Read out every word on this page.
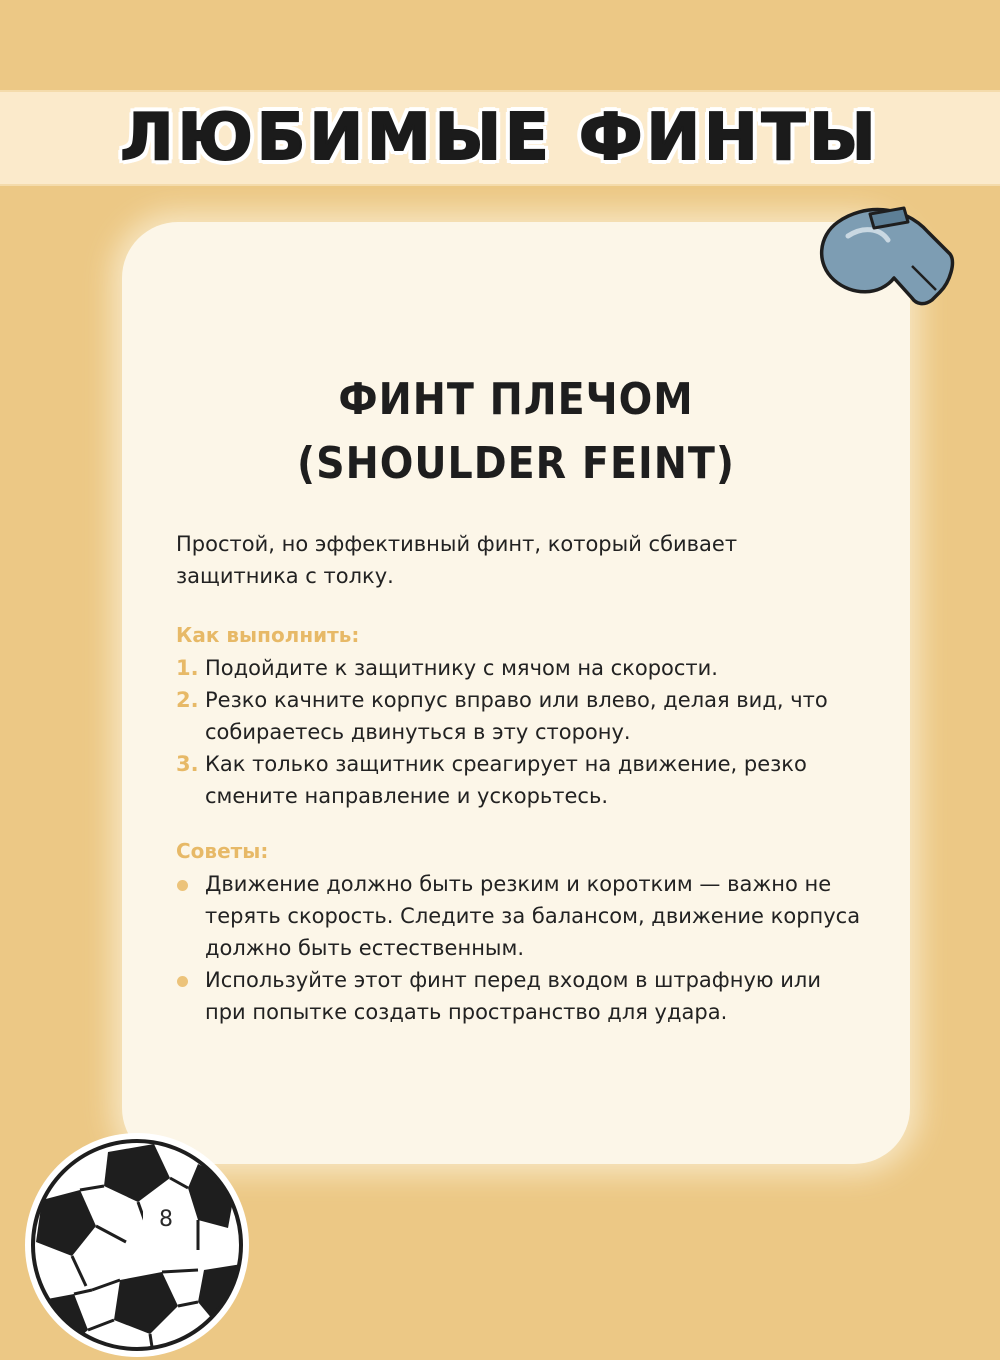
ЛЮБИМЫЕ ФИНТЫ
ФИНТ ПЛЕЧОМ
(SHOULDER FEINT)

Простой, но эффективный финт, который сбивает защитника с толку.

Как выполнить:

1. Подойдите к защитнику с мячом на скорости.
2. Резко качните корпус вправо или влево, делая вид, что собираетесь двинуться в эту сторону.
3. Как только защитник среагирует на движение, резко смените направление и ускорьтесь.

Советы:

Движение должно быть резким и коротким — важно не терять скорость. Следите за балансом, движение корпуса должно быть естественным.
Используйте этот финт перед входом в штрафную или при попытке создать пространство для удара.
8
